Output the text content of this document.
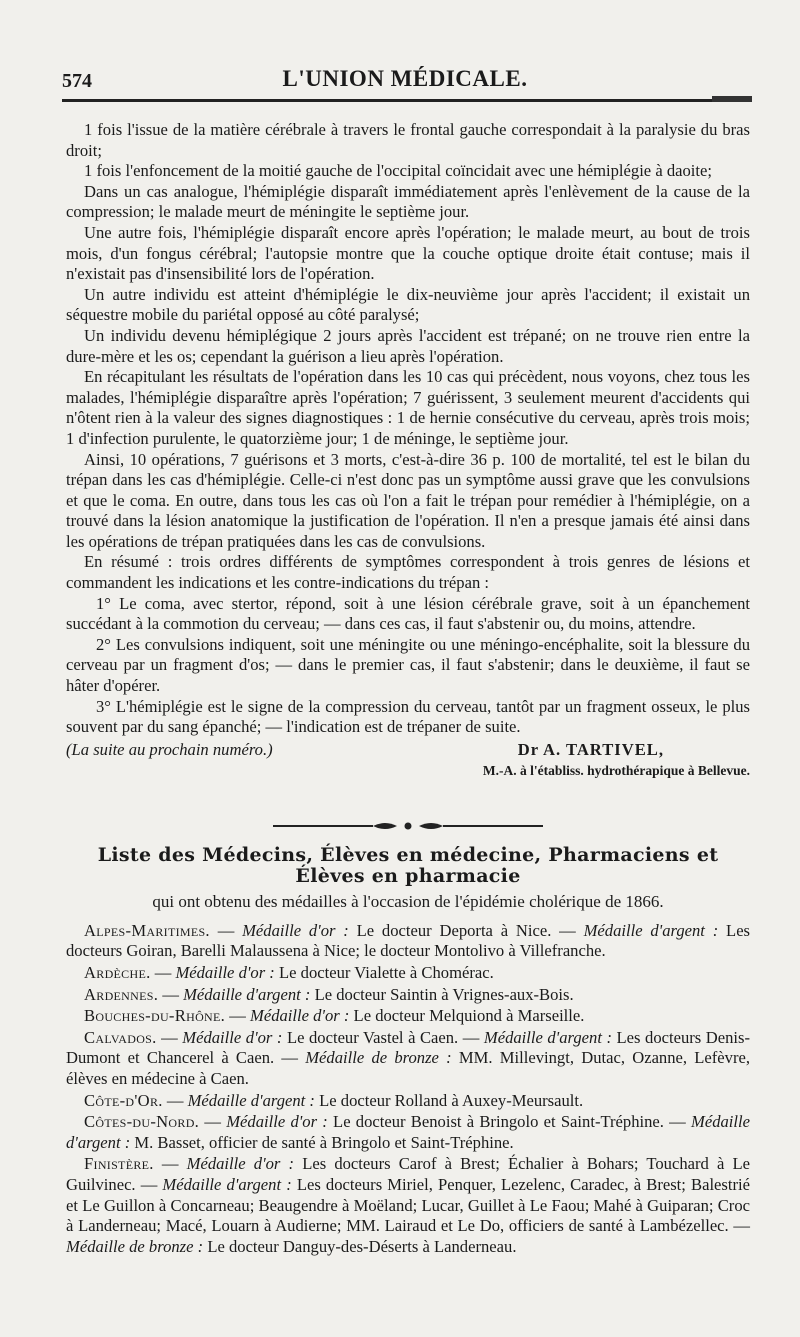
574	L'UNION MÉDICALE.

1 fois l'issue de la matière cérébrale à travers le frontal gauche correspondait à la paralysie du bras droit;

1 fois l'enfoncement de la moitié gauche de l'occipital coïncidait avec une hémiplégie à daoite;

Dans un cas analogue, l'hémiplégie disparaît immédiatement après l'enlèvement de la cause de la compression; le malade meurt de méningite le septième jour.

Une autre fois, l'hémiplégie disparaît encore après l'opération; le malade meurt, au bout de trois mois, d'un fongus cérébral; l'autopsie montre que la couche optique droite était contuse; mais il n'existait pas d'insensibilité lors de l'opération.

Un autre individu est atteint d'hémiplégie le dix-neuvième jour après l'accident; il existait un séquestre mobile du pariétal opposé au côté paralysé;

Un individu devenu hémiplégique 2 jours après l'accident est trépané; on ne trouve rien entre la dure-mère et les os; cependant la guérison a lieu après l'opération.

En récapitulant les résultats de l'opération dans les 10 cas qui précèdent, nous voyons, chez tous les malades, l'hémiplégie disparaître après l'opération; 7 guérissent, 3 seulement meurent d'accidents qui n'ôtent rien à la valeur des signes diagnostiques : 1 de hernie consécutive du cerveau, après trois mois; 1 d'infection purulente, le quatorzième jour; 1 de méninge, le septième jour.

Ainsi, 10 opérations, 7 guérisons et 3 morts, c'est-à-dire 36 p. 100 de mortalité, tel est le bilan du trépan dans les cas d'hémiplégie. Celle-ci n'est donc pas un symptôme aussi grave que les convulsions et que le coma. En outre, dans tous les cas où l'on a fait le trépan pour remédier à l'hémiplégie, on a trouvé dans la lésion anatomique la justification de l'opération. Il n'en a presque jamais été ainsi dans les opérations de trépan pratiquées dans les cas de convulsions.

En résumé : trois ordres différents de symptômes correspondent à trois genres de lésions et commandent les indications et les contre-indications du trépan :

1° Le coma, avec stertor, répond, soit à une lésion cérébrale grave, soit à un épanchement succédant à la commotion du cerveau; — dans ces cas, il faut s'abstenir ou, du moins, attendre.

2° Les convulsions indiquent, soit une méningite ou une méningo-encéphalite, soit la blessure du cerveau par un fragment d'os; — dans le premier cas, il faut s'abstenir; dans le deuxième, il faut se hâter d'opérer.

3° L'hémiplégie est le signe de la compression du cerveau, tantôt par un fragment osseux, le plus souvent par du sang épanché; — l'indication est de trépaner de suite.

(La suite au prochain numéro.)	Dr A. TARTIVEL,
M.-A. à l'établiss. hydrothérapique à Bellevue.
Liste des Médecins, Élèves en médecine, Pharmaciens et Élèves en pharmacie
qui ont obtenu des médailles à l'occasion de l'épidémie cholérique de 1866.

Alpes-Maritimes. — Médaille d'or : Le docteur Deporta à Nice. — Médaille d'argent : Les docteurs Goiran, Barelli Malaussena à Nice; le docteur Montolivo à Villefranche.

Ardèche. — Médaille d'or : Le docteur Vialette à Chomérac.

Ardennes. — Médaille d'argent : Le docteur Saintin à Vrignes-aux-Bois.

Bouches-du-Rhône. — Médaille d'or : Le docteur Melquiond à Marseille.

Calvados. — Médaille d'or : Le docteur Vastel à Caen. — Médaille d'argent : Les docteurs Denis-Dumont et Chancerel à Caen. — Médaille de bronze : MM. Millevingt, Dutac, Ozanne, Lefèvre, élèves en médecine à Caen.

Côte-d'Or. — Médaille d'argent : Le docteur Rolland à Auxey-Meursault.

Côtes-du-Nord. — Médaille d'or : Le docteur Benoist à Bringolo et Saint-Tréphine. — Médaille d'argent : M. Basset, officier de santé à Bringolo et Saint-Tréphine.

Finistère. — Médaille d'or : Les docteurs Carof à Brest; Échalier à Bohars; Touchard à Le Guilvinec. — Médaille d'argent : Les docteurs Miriel, Penquer, Lezelenc, Caradec, à Brest; Balestrié et Le Guillon à Concarneau; Beaugendre à Moëland; Lucar, Guillet à Le Faou; Mahé à Guiparan; Croc à Landerneau; Macé, Louarn à Audierne; MM. Lairaud et Le Do, officiers de santé à Lambézellec. — Médaille de bronze : Le docteur Danguy-des-Déserts à Landerneau.
